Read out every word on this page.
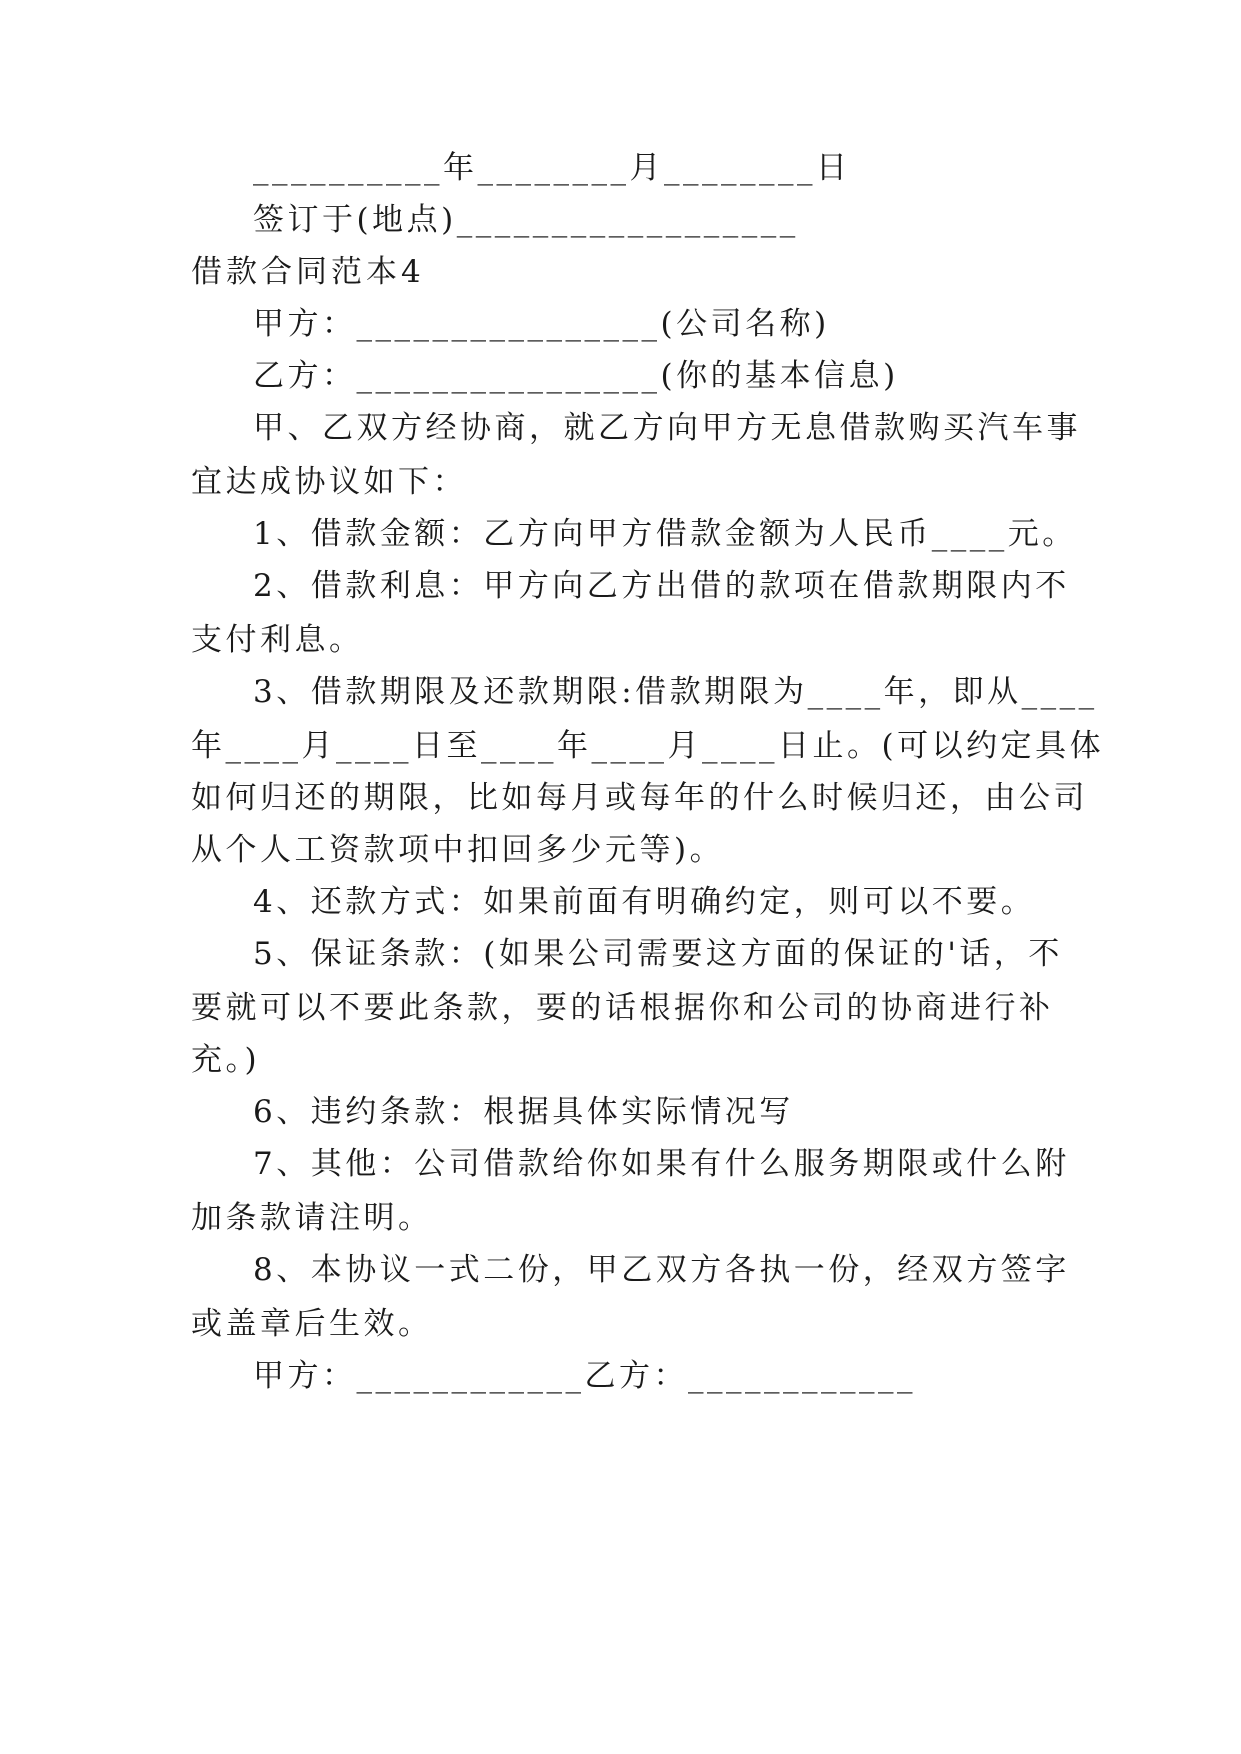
__________年________月________日
签订于(地点)__________________
借款合同范本4
甲方：________________(公司名称)
乙方：________________(你的基本信息)
甲、乙双方经协商，就乙方向甲方无息借款购买汽车事
宜达成协议如下：
1、借款金额：乙方向甲方借款金额为人民币____元。
2、借款利息：甲方向乙方出借的款项在借款期限内不
支付利息。
3、借款期限及还款期限:借款期限为____年，即从____
年____月____日至____年____月____日止。(可以约定具体
如何归还的期限，比如每月或每年的什么时候归还，由公司
从个人工资款项中扣回多少元等)。
4、还款方式：如果前面有明确约定，则可以不要。
5、保证条款：(如果公司需要这方面的保证的'话，不
要就可以不要此条款，要的话根据你和公司的协商进行补
充。)
6、违约条款：根据具体实际情况写
7、其他：公司借款给你如果有什么服务期限或什么附
加条款请注明。
8、本协议一式二份，甲乙双方各执一份，经双方签字
或盖章后生效。
甲方：____________乙方：____________
